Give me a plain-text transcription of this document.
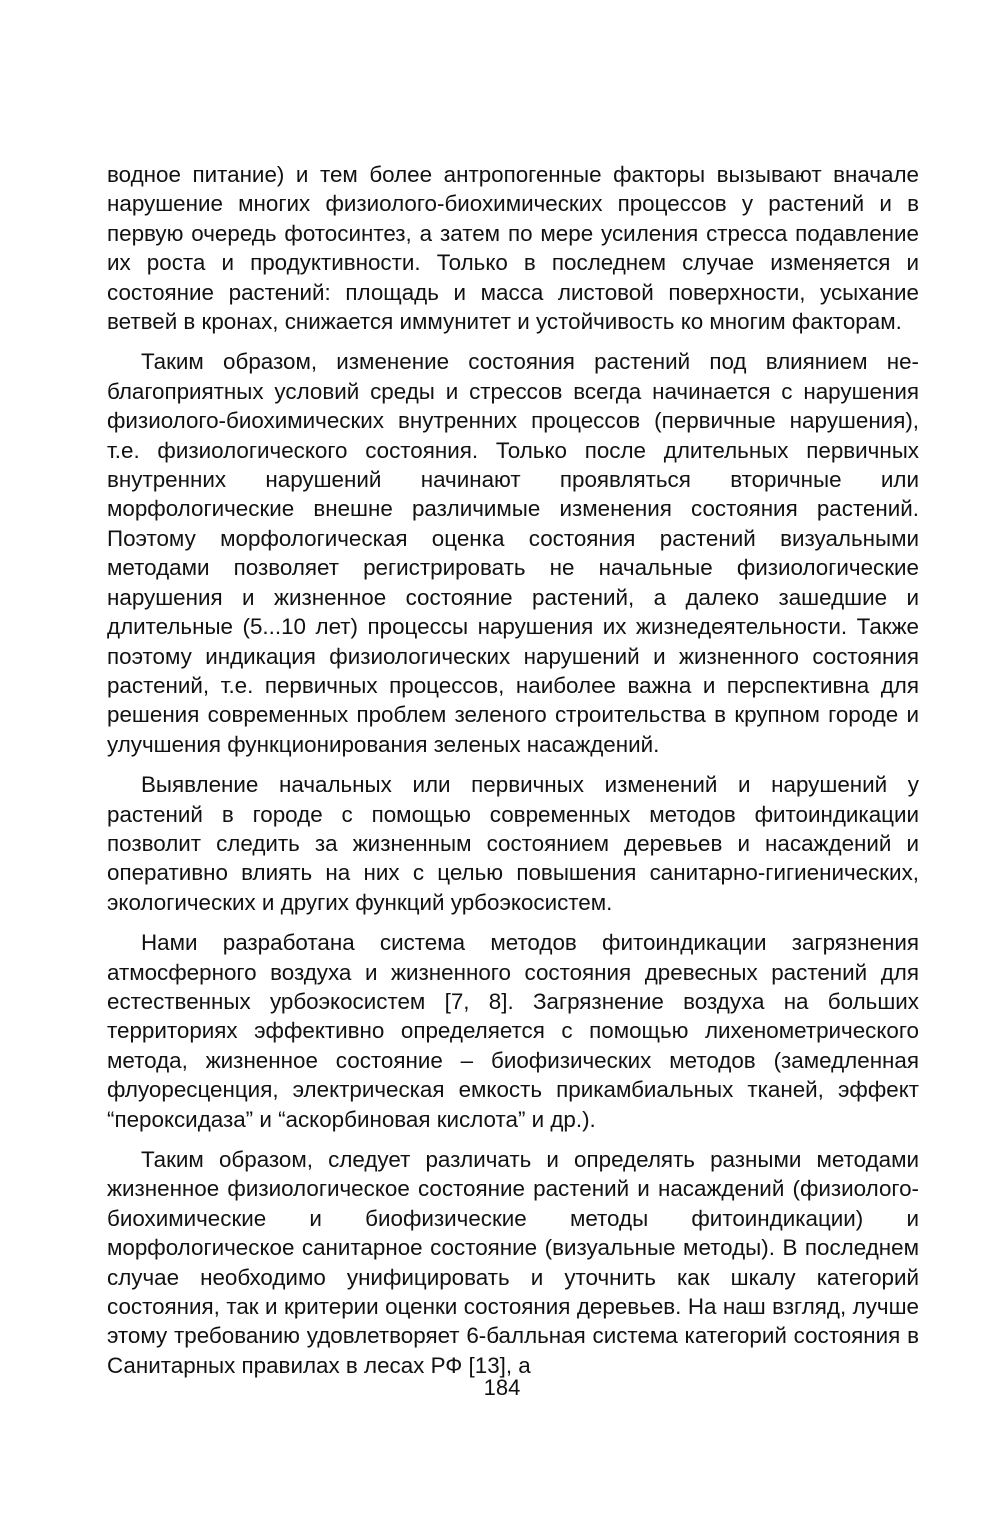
водное питание) и тем более антропогенные факторы вызывают вначале нарушение многих физиолого-биохимических процессов у растений и в первую очередь фотосинтез, а затем по мере усиления стресса подавление их роста и продуктивности. Только в последнем случае изменяется и состояние растений: площадь и масса листовой поверхности, усыхание ветвей в кронах, снижается иммунитет и устойчивость ко многим факторам.

Таким образом, изменение состояния растений под влиянием неблагоприятных условий среды и стрессов всегда начинается с нарушения физиолого-биохимических внутренних процессов (первичные нарушения), т.е. физиологического состояния. Только после длительных первичных внутренних нарушений начинают проявляться вторичные или морфологические внешне различимые изменения состояния растений. Поэтому морфологическая оценка состояния растений визуальными методами позволяет регистрировать не начальные физиологические нарушения и жизненное состояние растений, а далеко зашедшие и длительные (5...10 лет) процессы нарушения их жизнедеятельности. Также поэтому индикация физиологических нарушений и жизненного состояния растений, т.е. первичных процессов, наиболее важна и перспективна для решения современных проблем зеленого строительства в крупном городе и улучшения функционирования зеленых насаждений.

Выявление начальных или первичных изменений и нарушений у растений в городе с помощью современных методов фитоиндикации позволит следить за жизненным состоянием деревьев и насаждений и оперативно влиять на них с целью повышения санитарно-гигиенических, экологических и других функций урбоэкосистем.

Нами разработана система методов фитоиндикации загрязнения атмосферного воздуха и жизненного состояния древесных растений для естественных урбоэкосистем [7, 8]. Загрязнение воздуха на больших территориях эффективно определяется с помощью лихенометрического метода, жизненное состояние – биофизических методов (замедленная флуоресценция, электрическая емкость прикамбиальных тканей, эффект “пероксидаза” и “аскорбиновая кислота” и др.).

Таким образом, следует различать и определять разными методами жизненное физиологическое состояние растений и насаждений (физиолого-биохимические и биофизические методы фитоиндикации) и морфологическое санитарное состояние (визуальные методы). В последнем случае необходимо унифицировать и уточнить как шкалу категорий состояния, так и критерии оценки состояния деревьев. На наш взгляд, лучше этому требованию удовлетворяет 6-балльная система категорий состояния в Санитарных правилах в лесах РФ [13], а

184
